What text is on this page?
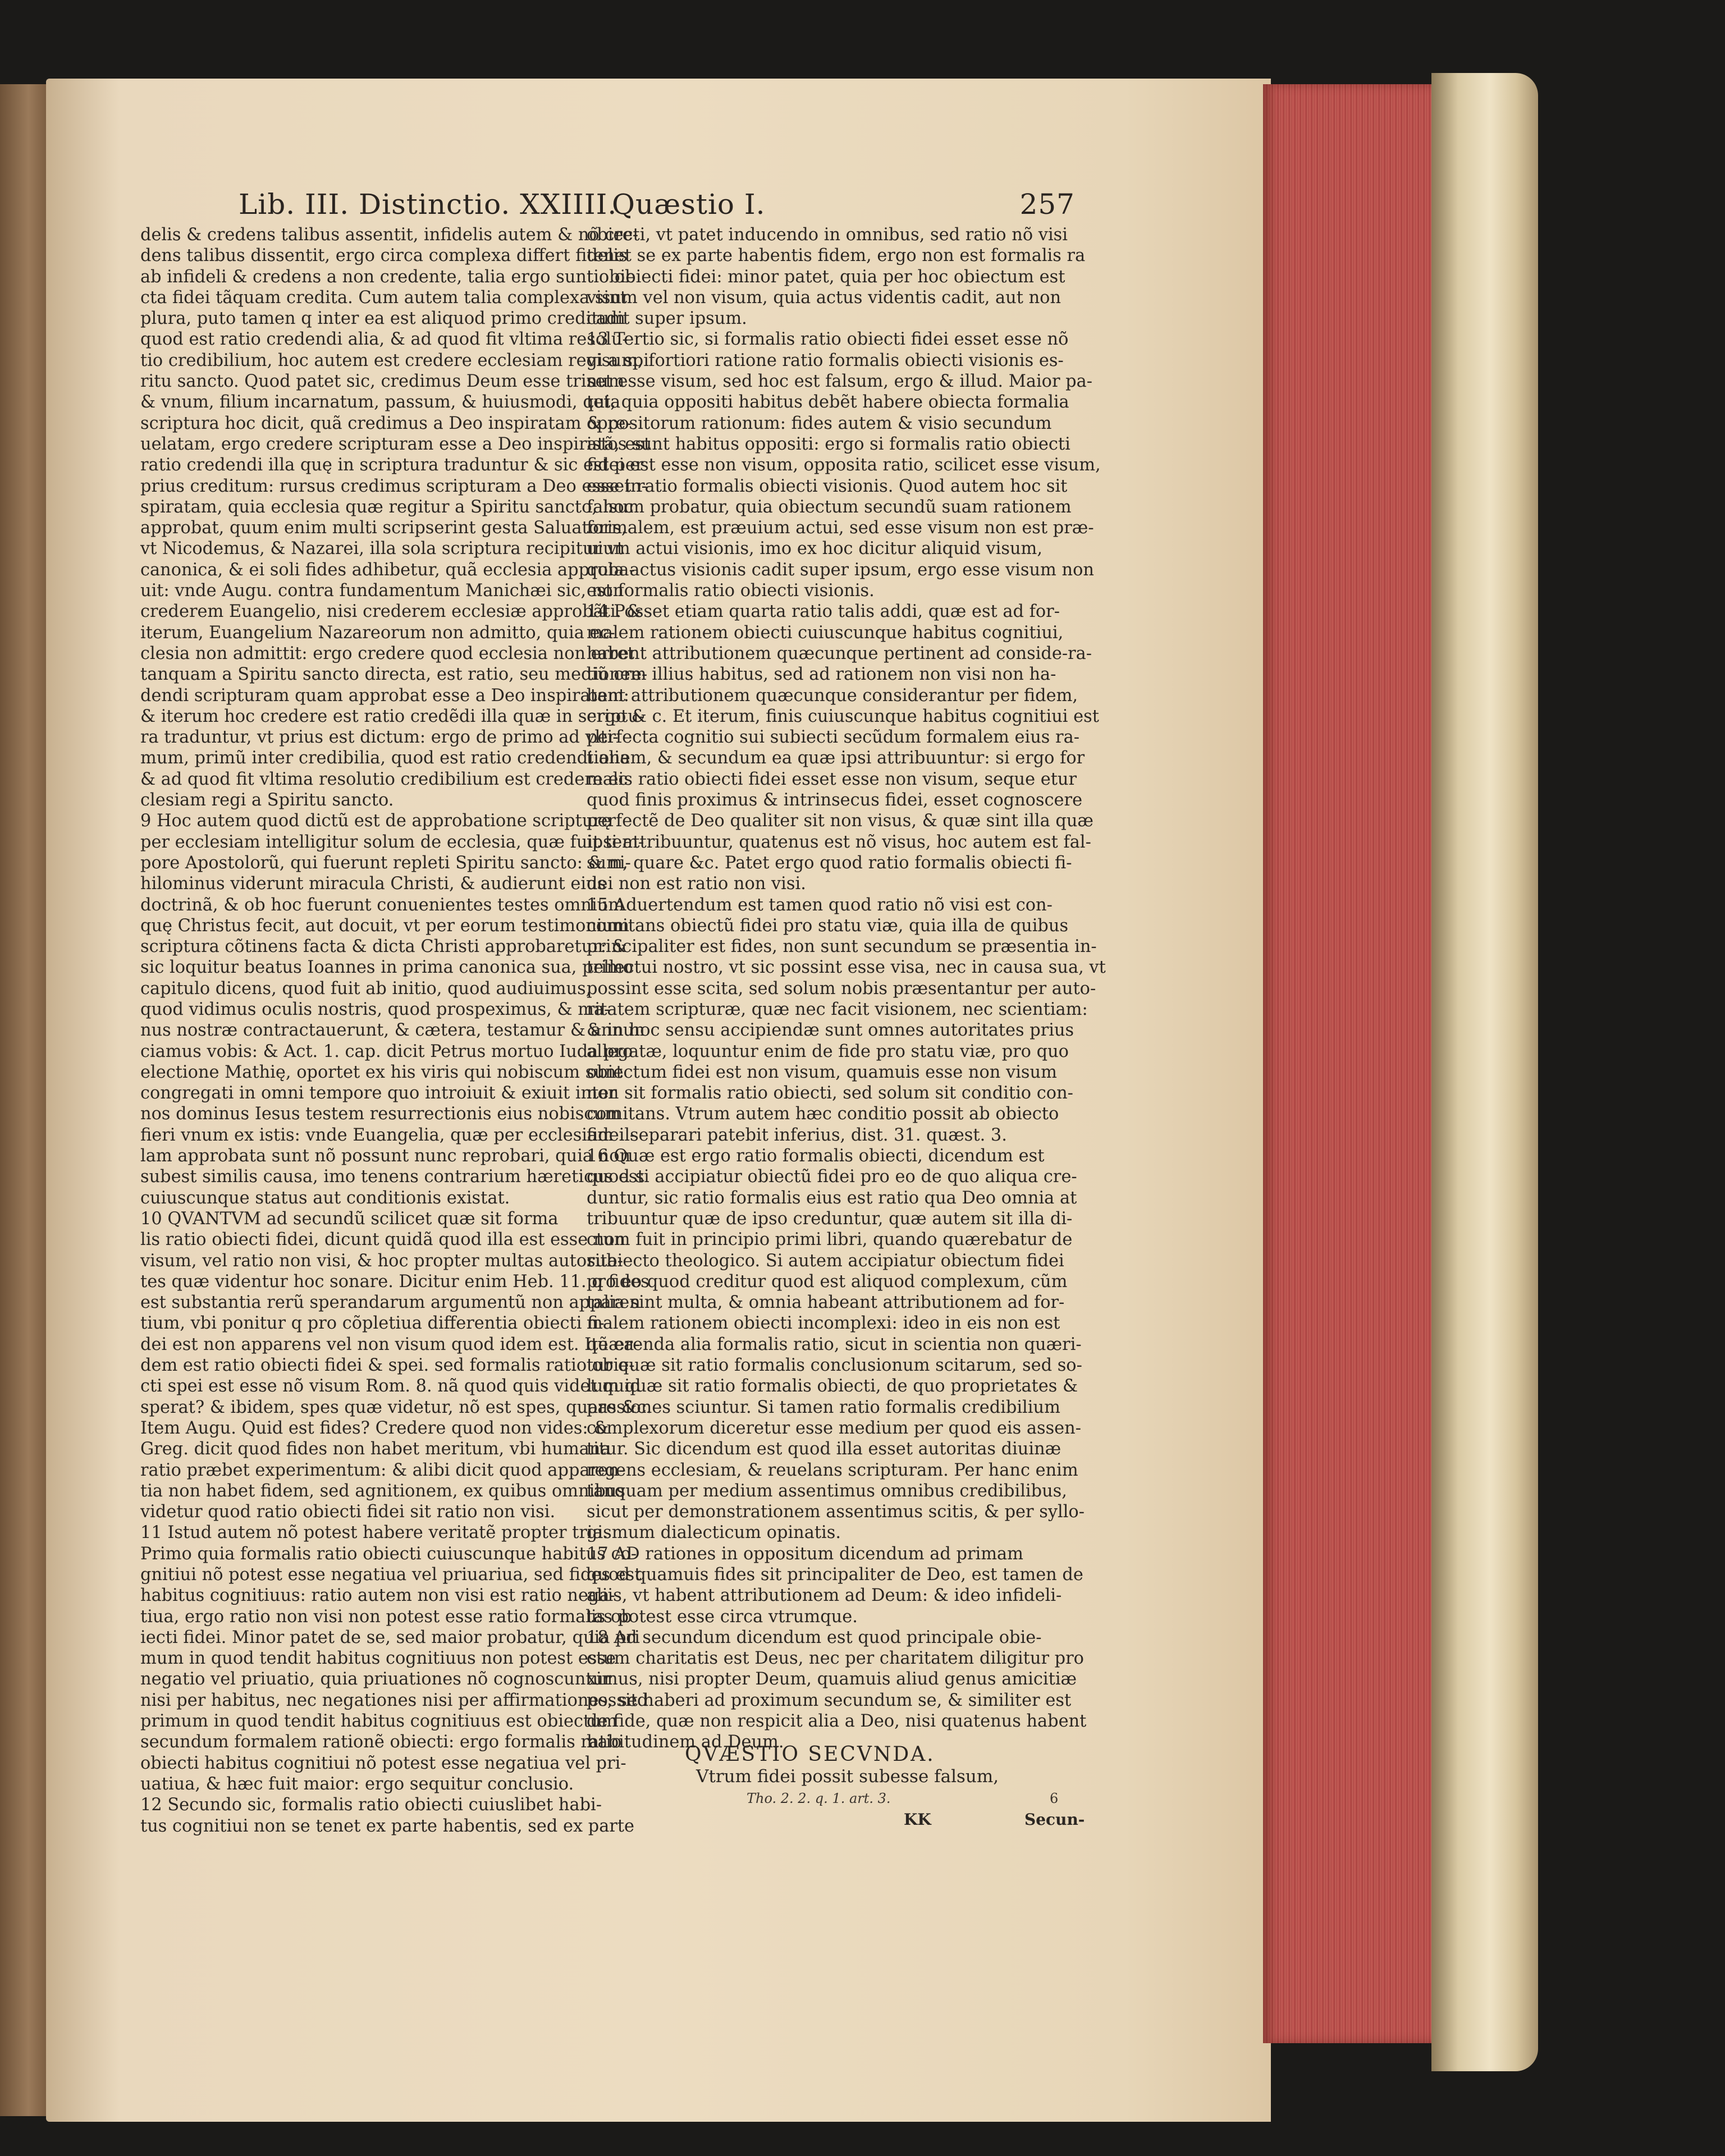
Lib. III. Distinctio. XXIIII.
Quæstio I.	257
delis & credens talibus assentit, infidelis autem & nõ cre-
dens talibus dissentit, ergo circa complexa differt fidelis
ab infideli & credens a non credente, talia ergo sunt obie
cta fidei tãquam credita. Cum autem talia complexa sint
plura, puto tamen q inter ea est aliquod primo creditum
quod est ratio credendi alia, & ad quod fit vltima resolu-
tio credibilium, hoc autem est credere ecclesiam regi a spi
ritu sancto. Quod patet sic, credimus Deum esse trinum
& vnum, filium incarnatum, passum, & huiusmodi, quia
scriptura hoc dicit, quã credimus a Deo inspiratam & re-
uelatam, ergo credere scripturam esse a Deo inspiratã, est
ratio credendi illa quę in scriptura traduntur & sic est per
prius creditum: rursus credimus scripturam a Deo esse in-
spiratam, quia ecclesia quæ regitur a Spiritu sancto, hoc
approbat, quum enim multi scripserint gesta Saluatoris,
vt Nicodemus, & Nazarei, illa sola scriptura recipitur vt
canonica, & ei soli fides adhibetur, quã ecclesia approba-
uit: vnde Augu. contra fundamentum Manichæi sic, non
crederem Euangelio, nisi crederem ecclesiæ approbãti. &
iterum, Euangelium Nazareorum non admitto, quia ec-
clesia non admittit: ergo credere quod ecclesia non erret
tanquam a Spiritu sancto directa, est ratio, seu mediũ cre-
dendi scripturam quam approbat esse a Deo inspiratam:
& iterum hoc credere est ratio credẽdi illa quæ in scriptu-
ra traduntur, vt prius est dictum: ergo de primo ad vlti-
mum, primũ inter credibilia, quod est ratio credendi alia
& ad quod fit vltima resolutio credibilium est credere ec
clesiam regi a Spiritu sancto.
9 Hoc autem quod dictũ est de approbatione scripturę
per ecclesiam intelligitur solum de ecclesia, quæ fuit tem-
pore Apostolorũ, qui fuerunt repleti Spiritu sancto: & ni-
hilominus viderunt miracula Christi, & audierunt eius
doctrinã, & ob hoc fuerunt conuenientes testes omnium
quę Christus fecit, aut docuit, vt per eorum testimonium
scriptura cõtinens facta & dicta Christi approbaretur: &
sic loquitur beatus Ioannes in prima canonica sua, primo
capitulo dicens, quod fuit ab initio, quod audiuimus,
quod vidimus oculis nostris, quod prospeximus, & ma-
nus nostræ contractauerunt, & cætera, testamur & annun
ciamus vobis: & Act. 1. cap. dicit Petrus mortuo Iuda pro
electione Mathię, oportet ex his viris qui nobiscum sunt
congregati in omni tempore quo introiuit & exiuit inter
nos dominus Iesus testem resurrectionis eius nobiscum
fieri vnum ex istis: vnde Euangelia, quæ per ecclesiam il-
lam approbata sunt nõ possunt nunc reprobari, quia non
subest similis causa, imo tenens contrarium hæreticus est
cuiuscunque status aut conditionis existat.
10 QVANTVM ad secundũ scilicet quæ sit forma
lis ratio obiecti fidei, dicunt quidã quod illa est esse non
visum, vel ratio non visi, & hoc propter multas autorita-
tes quæ videntur hoc sonare. Dicitur enim Heb. 11. q fides
est substantia rerũ sperandarum argumentũ non apparen
tium, vbi ponitur q pro cõpletiua differentia obiecti fi-
dei est non apparens vel non visum quod idem est. Itẽ ea-
dem est ratio obiecti fidei & spei. sed formalis ratio obie-
cti spei est esse nõ visum Rom. 8. nã quod quis videt quid
sperat? & ibidem, spes quæ videtur, nõ est spes, quare &c.
Item Augu. Quid est fides? Credere quod non vides: &
Greg. dicit quod fides non habet meritum, vbi humana
ratio præbet experimentum: & alibi dicit quod apparen-
tia non habet fidem, sed agnitionem, ex quibus omnibus
videtur quod ratio obiecti fidei sit ratio non visi.
11 Istud autem nõ potest habere veritatẽ propter tria.
Primo quia formalis ratio obiecti cuiuscunque habitus co-
gnitiui nõ potest esse negatiua vel priuariua, sed fides est
habitus cognitiuus: ratio autem non visi est ratio nega-
tiua, ergo ratio non visi non potest esse ratio formalis ob
iecti fidei. Minor patet de se, sed maior probatur, quia pri
mum in quod tendit habitus cognitiuus non potest esse
negatio vel priuatio, quia priuationes nõ cognoscuntur
nisi per habitus, nec negationes nisi per affirmationes, sed
primum in quod tendit habitus cognitiuus est obiectum
secundum formalem rationẽ obiecti: ergo formalis ratio
obiecti habitus cognitiui nõ potest esse negatiua vel pri-
uatiua, & hæc fuit maior: ergo sequitur conclusio.
12 Secundo sic, formalis ratio obiecti cuiuslibet habi-
tus cognitiui non se tenet ex parte habentis, sed ex parte
obiecti, vt patet inducendo in omnibus, sed ratio nõ visi
tenet se ex parte habentis fidem, ergo non est formalis ra
tio obiecti fidei: minor patet, quia per hoc obiectum est
visum vel non visum, quia actus videntis cadit, aut non
cadit super ipsum.
13 Tertio sic, si formalis ratio obiecti fidei esset esse nõ
visum, fortiori ratione ratio formalis obiecti visionis es-
set esse visum, sed hoc est falsum, ergo & illud. Maior pa-
tet, quia oppositi habitus debẽt habere obiecta formalia
oppositorum rationum: fides autem & visio secundum
istos sunt habitus oppositi: ergo si formalis ratio obiecti
fidei est esse non visum, opposita ratio, scilicet esse visum,
esset ratio formalis obiecti visionis. Quod autem hoc sit
falsum probatur, quia obiectum secundũ suam rationem
formalem, est præuium actui, sed esse visum non est præ-
uium actui visionis, imo ex hoc dicitur aliquid visum,
quia actus visionis cadit super ipsum, ergo esse visum non
est formalis ratio obiecti visionis.
14 Posset etiam quarta ratio talis addi, quæ est ad for-
malem rationem obiecti cuiuscunque habitus cognitiui,
habent attributionem quæcunque pertinent ad conside-ra-
tionem illius habitus, sed ad rationem non visi non ha-
bent attributionem quæcunque considerantur per fidem,
ergo & c. Et iterum, finis cuiuscunque habitus cognitiui est
perfecta cognitio sui subiecti secũdum formalem eius ra-
tionem, & secundum ea quæ ipsi attribuuntur: si ergo for
malis ratio obiecti fidei esset esse non visum, seque etur
quod finis proximus & intrinsecus fidei, esset cognoscere
perfectẽ de Deo qualiter sit non visus, & quæ sint illa quæ
ipsi attribuuntur, quatenus est nõ visus, hoc autem est fal-
sum, quare &c. Patet ergo quod ratio formalis obiecti fi-
dei non est ratio non visi.
15 Aduertendum est tamen quod ratio nõ visi est con-
comitans obiectũ fidei pro statu viæ, quia illa de quibus
principaliter est fides, non sunt secundum se præsentia in-
tellectui nostro, vt sic possint esse visa, nec in causa sua, vt
possint esse scita, sed solum nobis præsentantur per auto-
ritatem scripturæ, quæ nec facit visionem, nec scientiam:
& in hoc sensu accipiendæ sunt omnes autoritates prius
allegatæ, loquuntur enim de fide pro statu viæ, pro quo
obiectum fidei est non visum, quamuis esse non visum
non sit formalis ratio obiecti, sed solum sit conditio con-
comitans. Vtrum autem hæc conditio possit ab obiecto
fidei separari patebit inferius, dist. 31. quæst. 3.
16 Quæ est ergo ratio formalis obiecti, dicendum est
quod si accipiatur obiectũ fidei pro eo de quo aliqua cre-
duntur, sic ratio formalis eius est ratio qua Deo omnia at
tribuuntur quæ de ipso creduntur, quæ autem sit illa di-
ctum fuit in principio primi libri, quando quærebatur de
subiecto theologico. Si autem accipiatur obiectum fidei
pro eo quod creditur quod est aliquod complexum, cũm
talia sint multa, & omnia habeant attributionem ad for-
malem rationem obiecti incomplexi: ideo in eis non est
quærenda alia formalis ratio, sicut in scientia non quæri-
tur quæ sit ratio formalis conclusionum scitarum, sed so-
lum quæ sit ratio formalis obiecti, de quo proprietates &
passiones sciuntur. Si tamen ratio formalis credibilium
complexorum diceretur esse medium per quod eis assen-
titur. Sic dicendum est quod illa esset autoritas diuinæ
regens ecclesiam, & reuelans scripturam. Per hanc enim
tanquam per medium assentimus omnibus credibilibus,
sicut per demonstrationem assentimus scitis, & per syllo-
gismum dialecticum opinatis.
17 AD rationes in oppositum dicendum ad primam
quod quamuis fides sit principaliter de Deo, est tamen de
aliis, vt habent attributionem ad Deum: & ideo infideli-
tas potest esse circa vtrumque.
18 Ad secundum dicendum est quod principale obie-
ctum charitatis est Deus, nec per charitatem diligitur pro
ximus, nisi propter Deum, quamuis aliud genus amicitiæ
possit haberi ad proximum secundum se, & similiter est
de fide, quæ non respicit alia a Deo, nisi quatenus habent
habitudinem ad Deum.
QVÆSTIO SECVNDA.
Vtrum fidei possit subesse falsum,
Tho. 2. 2. q. 1. art. 3.	6
KK	Secun-
